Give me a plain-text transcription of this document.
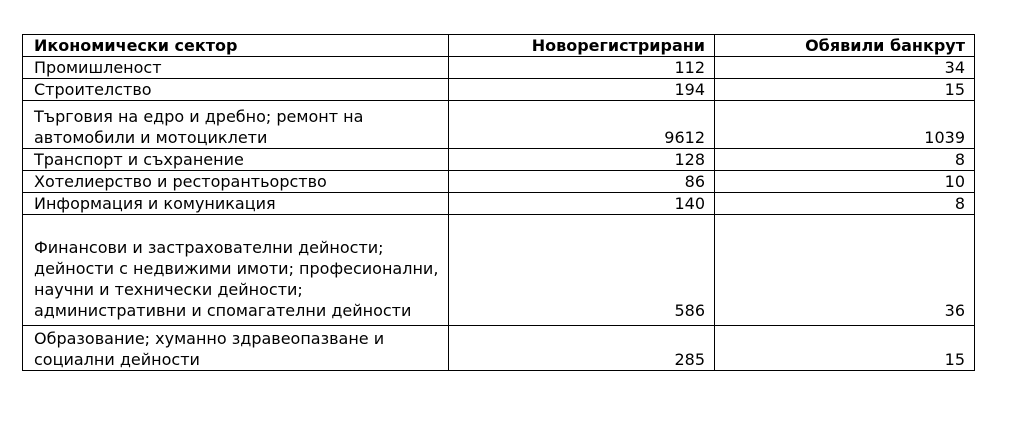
Икономически сектор	Новорегистрирани	Обявили банкрут
Промишленост	112	34
Строителство	194	15
Търговия на едро и дребно; ремонт на автомобили и мотоциклети	9612	1039
Транспорт и съхранение	128	8
Хотелиерство и ресторантьорство	86	10
Информация и комуникация	140	8
Финансови и застрахователни дейности; дейности с недвижими имоти; професионални, научни и технически дейности; административни и спомагателни дейности	586	36
Образование; хуманно здравеопазване и социални дейности	285	15
